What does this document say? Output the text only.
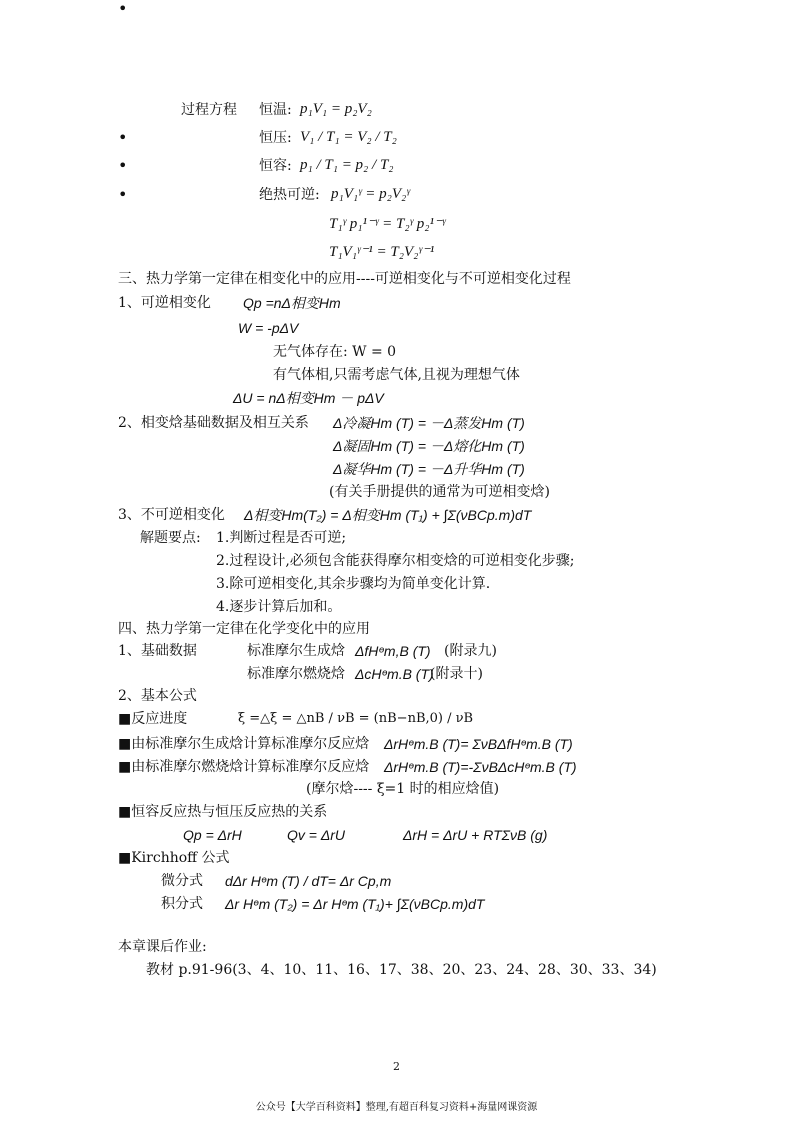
•
过程方程 恒温: p₁V₁ = p₂V₂
•	恒压: V₁ / T₁ = V₂ / T₂
•	恒容: p₁ / T₁ = p₂ / T₂
•	绝热可逆: p₁V₁ᵞ = p₂V₂ᵞ
T₁ᵞ p₁¹⁻ᵞ = T₂ᵞ p₂¹⁻ᵞ
T₁V₁ᵞ⁻¹ = T₂V₂ᵞ⁻¹
三、热力学第一定律在相变化中的应用----可逆相变化与不可逆相变化过程
1、可逆相变化 Qp =nΔ相变Hm
W = -pΔV
无气体存在: W = 0
有气体相,只需考虑气体,且视为理想气体
ΔU = nΔ相变Hm － pΔV
2、相变焓基础数据及相互关系 Δ冷凝Hm (T) = －Δ蒸发Hm (T)
Δ凝固Hm (T) = －Δ熔化Hm (T)
Δ凝华Hm (T) = －Δ升华Hm (T)
(有关手册提供的通常为可逆相变焓)
3、不可逆相变化 Δ相变Hm(T₂) = Δ相变Hm (T₁) + ∫Σ(νBCp.m)dT
解题要点: 1.判断过程是否可逆;
2.过程设计,必须包含能获得摩尔相变焓的可逆相变化步骤;
3.除可逆相变化,其余步骤均为简单变化计算.
4.逐步计算后加和。
四、热力学第一定律在化学变化中的应用
1、基础数据	标准摩尔生成焓 ΔfHᶱm,B (T) (附录九)
标准摩尔燃烧焓 ΔcHᶱm.B (T)
(附录十)
2、基本公式
■反应进度	ξ =△ξ = △nB / νB = (nB−nB,0) / νB
■由标准摩尔生成焓计算标准摩尔反应焓 ΔrHᶱm.B (T)= ΣνBΔfHᶱm.B (T)
■由标准摩尔燃烧焓计算标准摩尔反应焓 ΔrHᶱm.B (T)=-ΣνBΔcHᶱm.B (T)
(摩尔焓---- ξ=1 时的相应焓值)
■恒容反应热与恒压反应热的关系
Qp = ΔrH	Qv = ΔrU	ΔrH = ΔrU + RTΣνB (g)
■Kirchhoff 公式
微分式 dΔr Hᶱm (T) / dT= Δr Cp,m
积分式 Δr Hᶱm (T₂) = Δr Hᶱm (T₁)+ ∫Σ(νBCp.m)dT
本章课后作业:
教材 p.91-96(3、4、10、11、16、17、38、20、23、24、28、30、33、34)
2
公众号【大学百科资料】整理,有超百科复习资料+海量网课资源
